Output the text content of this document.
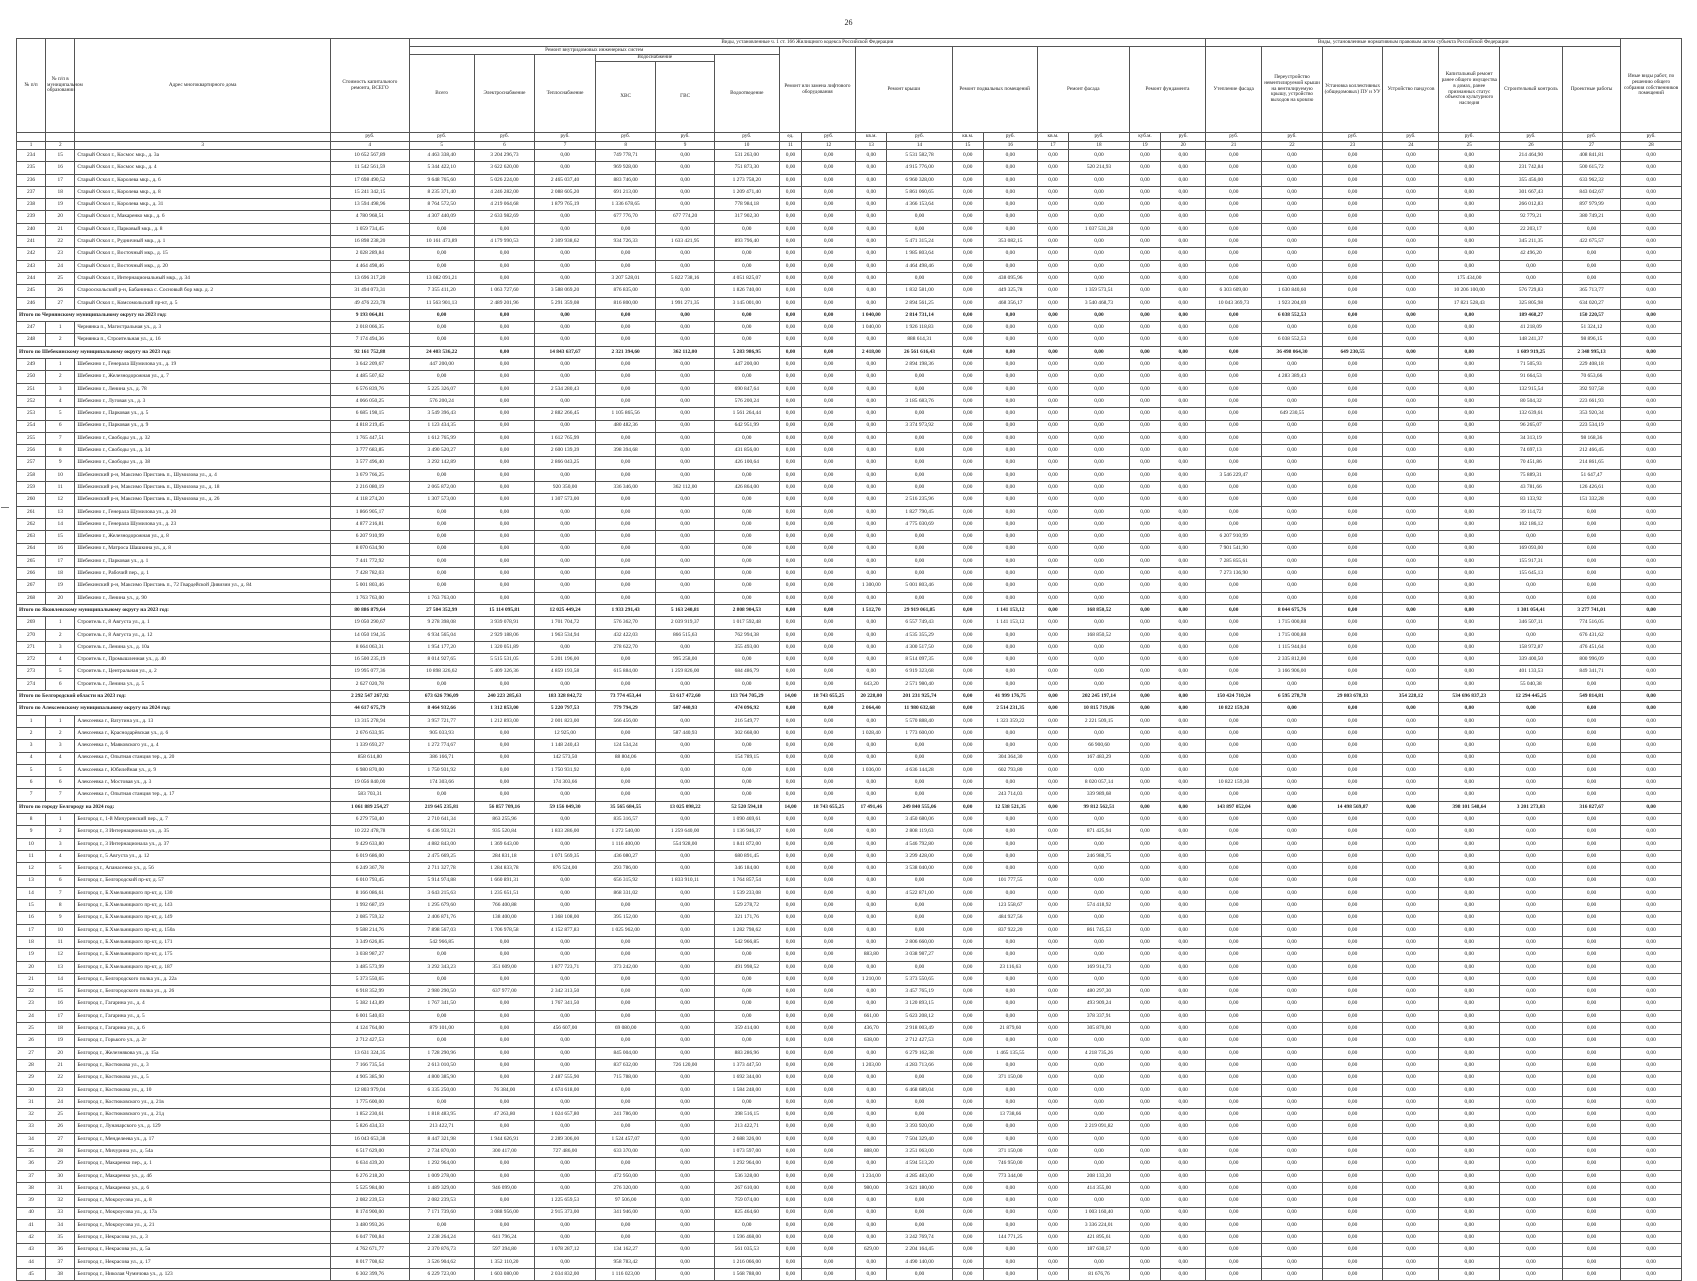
26
№ п/п	№ п/п в муниципальном образовании	Адрес многоквартирного дома	Стоимость капитального ремонта, ВСЕГО	Виды, установленные ч. 1 ст. 166 Жилищного кодекса Российской Федерации																Виды, установленные нормативным правовым актом субъекта Российской Федерации							Иные виды работ, по решению общего собрания собственников помещений
				Ремонт внутридомовых инженерных систем						Ремонт или замена лифтового оборудования		Ремонт крыши		Ремонт подвальных помещений		Ремонт фасада		Ремонт фундамента		Утепление фасада	Переустройство невентилируемой крыши на вентилируемую крышу, устройство выходов на кровлю	Установка коллективных (общедомовых) ПУ и УУ	Устройство пандусов	Капитальный ремонт ранее общего имущества в домах, ранее признанных статус объектов культурного наследия	Строительный контроль	Проектные работы	
				Всего	Электроснабжение	Теплоснабжение	Водоснабжение		Водоотведение																		
							ХВС	ГВС																			
			руб.	руб.	руб.	руб.	руб.	руб.	руб.	ед.	руб.	кв.м.	руб.	кв.м.	руб.	кв.м.	руб.	куб.м.	руб.	руб.	руб.	руб.	руб.	руб.	руб.	руб.	руб.
1	2	3	4	5	6	7	8	9	10	11	12	13	14	15	16	17	18	19	20	21	22	23	24	25	26	27	28
234	15	Старый Оскол г., Космос мкр., д. 3а	10 652 567,89	4 463 338,40	3 204 296,73	0,00	749 778,71	0,00	531 263,00	0,00	0,00	0,00	5 531 582,78	0,00	0,00	0,00	0,00	0,00	0,00	0,00	0,00	0,00	0,00	0,00	214 464,90	408 841,81	0,00
235	16	Старый Оскол г., Космос мкр., д. 4	11 542 561,59	5 344 422,10	3 622 620,00	0,00	969 928,00	0,00	751 873,30	0,00	0,00	0,00	4 915 776,00	0,00	0,00	0,00	520 214,93	0,00	0,00	0,00	0,00	0,00	0,00	0,00	231 742,84	500 615,72	0,00
236	17	Старый Оскол г., Королева мкр., д. 6	17 698 490,52	9 648 765,60	5 026 224,00	2 465 037,40	883 746,00	0,00	1 273 758,20	0,00	0,00	0,00	6 960 328,00	0,00	0,00	0,00	0,00	0,00	0,00	0,00	0,00	0,00	0,00	0,00	355 456,00	633 962,32	0,00
237	18	Старый Оскол г., Королева мкр., д. 8	15 241 342,15	8 235 371,40	4 246 282,00	2 088 605,20	691 213,00	0,00	1 209 471,40	0,00	0,00	0,00	5 861 060,65	0,00	0,00	0,00	0,00	0,00	0,00	0,00	0,00	0,00	0,00	0,00	301 667,43	843 042,67	0,00
238	19	Старый Оскол г., Королева мкр., д. 31	13 594 498,96	8 764 572,50	4 219 064,68	1 879 765,19	1 336 678,65	0,00	778 984,18	0,00	0,00	0,00	4 366 153,64	0,00	0,00	0,00	0,00	0,00	0,00	0,00	0,00	0,00	0,00	0,00	266 012,83	897 979,99	0,00
239	20	Старый Оскол г., Макаренко мкр., д. 6	4 780 968,51	4 307 440,09	2 633 982,69	0,00	677 776,70	677 774,20	317 902,30	0,00	0,00	0,00	0,00	0,00	0,00	0,00	0,00	0,00	0,00	0,00	0,00	0,00	0,00	0,00	92 779,21	380 749,21	0,00
240	21	Старый Оскол г., Парковый мкр., д. 8	1 059 734,45	0,00	0,00	0,00	0,00	0,00	0,00	0,00	0,00	0,00	0,00	0,00	0,00	0,00	1 037 531,28	0,00	0,00	0,00	0,00	0,00	0,00	0,00	22 203,17	0,00	0,00
241	22	Старый Оскол г., Рудничный мкр., д. 1	16 898 238,20	10 161 473,89	4 179 990,53	2 309 938,62	934 726,33	1 633 421,95	893 796,40	0,00	0,00	0,00	5 471 315,24	0,00	353 082,15	0,00	0,00	0,00	0,00	0,00	0,00	0,00	0,00	0,00	345 211,35	422 675,57	0,00
242	23	Старый Оскол г., Восточный мкр., д. 15	2 028 289,84	0,00	0,00	0,00	0,00	0,00	0,00	0,00	0,00	0,00	1 985 803,64	0,00	0,00	0,00	0,00	0,00	0,00	0,00	0,00	0,00	0,00	0,00	42 496,20	0,00	0,00
243	24	Старый Оскол г., Восточный мкр., д. 20	4 464 498,46	0,00	0,00	0,00	0,00	0,00	0,00	0,00	0,00	0,00	4 464 498,46	0,00	0,00	0,00	0,00	0,00	0,00	0,00	0,00	0,00	0,00	0,00	0,00	0,00	0,00
244	25	Старый Оскол г., Интернациональный мкр., д. 34	13 696 317,20	13 082 091,21	0,00	0,00	3 207 528,01	5 822 738,16	4 051 825,07	0,00	0,00	0,00	0,00	0,00	438 095,96	0,00	0,00	0,00	0,00	0,00	0,00	0,00	0,00	175 434,00	0,00	0,00	0,00
245	26	Старооскольский р-н, Бабанинка с. Сосновый бор мкр. д. 2	31 494 073,31	7 355 411,20	1 063 727,60	3 588 069,20	876 835,00	0,00	1 826 740,00	0,00	0,00	0,00	1 832 581,00	0,00	449 325,78	0,00	1 359 573,51	0,00	0,00	6 303 609,00	1 630 840,60	0,00	0,00	10 206 100,00	576 729,83	365 713,77	0,00
246	27	Старый Оскол г., Комсомольский пр-кт, д. 5	49 476 223,78	11 563 901,13	2 489 201,96	5 291 359,08	816 800,00	1 991 271,35	3 145 001,00	0,00	0,00	0,00	2 894 561,25	0,00	468 356,17	0,00	3 540 468,73	0,00	0,00	10 043 369,73	1 923 204,69	0,00	0,00	17 821 528,43	325 805,98	634 020,27	0,00
Итого по Чернянскому муниципальному округу на 2023 год:			9 193 064,81	0,00	0,00	0,00	0,00	0,00	0,00	0,00	0,00	1 040,00	2 814 731,14	0,00	0,00	0,00	0,00	0,00	0,00	0,00	6 038 552,53	0,00	0,00	0,00	189 468,27	150 220,57	0,00
247	1	Чернянка п., Магистральная ул., д. 3	2 018 066,35	0,00	0,00	0,00	0,00	0,00	0,00	0,00	0,00	1 040,00	1 926 118,83	0,00	0,00	0,00	0,00	0,00	0,00	0,00	0,00	0,00	0,00	0,00	41 218,09	51 324,12	0,00
248	2	Чернянка п., Строительная ул., д. 16	7 174 494,36	0,00	0,00	0,00	0,00	0,00	0,00	0,00	0,00	0,00	888 614,31	0,00	0,00	0,00	0,00	0,00	0,00	0,00	6 038 552,53	0,00	0,00	0,00	148 241,37	98 896,15	0,00
Итого по Шебекинскому муниципальному округу на 2023 год:			92 161 752,88	24 403 536,22	0,00	14 843 637,67	2 321 394,60	362 112,00	5 283 986,95	0,00	0,00	2 418,00	26 561 616,43	0,00	0,00	0,00	0,00	0,00	0,00	0,00	36 498 064,30	649 230,55	0,00	0,00	1 609 919,25	2 348 995,13	0,00
249	1	Шебекино г., Генерала Шумилова ул., д. 19	3 642 209,67	447 200,00	0,00	0,00	0,00	0,00	447 200,00	0,00	0,00	0,00	2 894 198,36	0,00	0,00	0,00	0,00	0,00	0,00	0,00	0,00	0,00	0,00	0,00	71 505,93	229 408,18	0,00
250	2	Шебекино г., Железнодорожная ул., д. 7	4 485 507,62	0,00	0,00	0,00	0,00	0,00	0,00	0,00	0,00	0,00	0,00	0,00	0,00	0,00	0,00	0,00	0,00	0,00	4 283 389,43	0,00	0,00	0,00	91 664,53	70 653,66	0,00
251	3	Шебекино г., Ленина ул., д. 78	6 576 839,76	5 225 326,07	0,00	2 534 280,43	0,00	0,00	690 847,64	0,00	0,00	0,00	0,00	0,00	0,00	0,00	0,00	0,00	0,00	0,00	0,00	0,00	0,00	0,00	132 915,54	392 937,58	0,00
252	4	Шебекино г., Луговая ул., д. 3	4 066 050,25	576 200,24	0,00	0,00	0,00	0,00	576 200,24	0,00	0,00	0,00	3 185 683,76	0,00	0,00	0,00	0,00	0,00	0,00	0,00	0,00	0,00	0,00	0,00	80 504,32	223 661,93	0,00
253	5	Шебекино г., Парковая ул., д. 5	6 685 198,15	3 549 396,43	0,00	2 882 266,45	1 105 865,56	0,00	1 561 264,44	0,00	0,00	0,00	0,00	0,00	0,00	0,00	0,00	0,00	0,00	0,00	649 230,55	0,00	0,00	0,00	132 639,61	353 920,34	0,00
254	6	Шебекино г., Парковая ул., д. 9	4 818 219,45	1 123 434,35	0,00	0,00	480 482,36	0,00	642 951,99	0,00	0,00	0,00	3 374 973,92	0,00	0,00	0,00	0,00	0,00	0,00	0,00	0,00	0,00	0,00	0,00	96 265,07	223 534,19	0,00
255	7	Шебекино г., Свободы ул., д. 32	1 765 447,51	1 612 765,99	0,00	1 612 765,99	0,00	0,00	0,00	0,00	0,00	0,00	0,00	0,00	0,00	0,00	0,00	0,00	0,00	0,00	0,00	0,00	0,00	0,00	34 313,19	98 168,36	0,00
256	8	Шебекино г., Свободы ул., д. 34	3 777 683,85	3 490 520,27	0,00	2 600 139,39	398 394,68	0,00	431 856,00	0,00	0,00	0,00	0,00	0,00	0,00	0,00	0,00	0,00	0,00	0,00	0,00	0,00	0,00	0,00	74 697,13	212 466,45	0,00
257	9	Шебекино г., Свободы ул., д. 38	3 577 496,40	3 292 142,89	0,00	2 866 043,25	0,00	0,00	426 100,64	0,00	0,00	0,00	0,00	0,00	0,00	0,00	0,00	0,00	0,00	0,00	0,00	0,00	0,00	0,00	70 451,86	214 861,65	0,00
258	10	Шебекинский р-н, Максимо Пристань п., Шумилова ул., д. 4	3 679 766,25	0,00	0,00	0,00	0,00	0,00	0,00	0,00	0,00	0,00	0,00	0,00	0,00	0,00	0,00	0,00	0,00	3 546 229,47	0,00	0,00	0,00	0,00	75 889,31	51 647,47	0,00
259	11	Шебекинский р-н, Максимо Пристань п., Шумилова ул., д. 18	2 216 080,19	2 065 872,00	0,00	920 350,00	336 346,00	362 112,00	426 864,00	0,00	0,00	0,00	0,00	0,00	0,00	0,00	0,00	0,00	0,00	0,00	0,00	0,00	0,00	0,00	43 781,66	126 426,61	0,00
260	12	Шебекинский р-н, Максимо Пристань п., Шумилова ул., д. 26	4 118 274,20	1 307 573,00	0,00	1 307 573,00	0,00	0,00	0,00	0,00	0,00	0,00	2 516 235,96	0,00	0,00	0,00	0,00	0,00	0,00	0,00	0,00	0,00	0,00	0,00	83 133,92	151 332,28	0,00
261	13	Шебекино г., Генерала Шумилова ул., д. 20	1 866 905,17	0,00	0,00	0,00	0,00	0,00	0,00	0,00	0,00	0,00	1 827 790,45	0,00	0,00	0,00	0,00	0,00	0,00	0,00	0,00	0,00	0,00	0,00	39 114,72	0,00	0,00
262	14	Шебекино г., Генерала Шумилова ул., д. 23	4 877 216,81	0,00	0,00	0,00	0,00	0,00	0,00	0,00	0,00	0,00	4 775 030,69	0,00	0,00	0,00	0,00	0,00	0,00	0,00	0,00	0,00	0,00	0,00	102 186,12	0,00	0,00
263	15	Шебекино г., Железнодорожная ул., д. 8	6 207 910,99	0,00	0,00	0,00	0,00	0,00	0,00	0,00	0,00	0,00	0,00	0,00	0,00	0,00	0,00	0,00	0,00	6 207 910,99	0,00	0,00	0,00	0,00	0,00	0,00	0,00
264	16	Шебекино г., Матроса Шашкина ул., д. 8	8 070 634,90	0,00	0,00	0,00	0,00	0,00	0,00	0,00	0,00	0,00	0,00	0,00	0,00	0,00	0,00	0,00	0,00	7 901 541,90	0,00	0,00	0,00	0,00	169 093,00	0,00	0,00
265	17	Шебекино г., Парковая ул., д. 1	7 441 772,92	0,00	0,00	0,00	0,00	0,00	0,00	0,00	0,00	0,00	0,00	0,00	0,00	0,00	0,00	0,00	0,00	7 285 855,61	0,00	0,00	0,00	0,00	155 917,31	0,00	0,00
266	18	Шебекино г., Рабочий пер., д. 1	7 428 782,03	0,00	0,00	0,00	0,00	0,00	0,00	0,00	0,00	0,00	0,00	0,00	0,00	0,00	0,00	0,00	0,00	7 273 136,90	0,00	0,00	0,00	0,00	155 645,13	0,00	0,00
267	19	Шебекинский р-н, Максимо Пристань п., 72 Гвардейской Дивизии ул., д. 84	5 001 803,46	0,00	0,00	0,00	0,00	0,00	0,00	0,00	0,00	1 300,00	5 001 803,46	0,00	0,00	0,00	0,00	0,00	0,00	0,00	0,00	0,00	0,00	0,00	0,00	0,00	0,00
268	20	Шебекино г., Ленина ул., д. 90	1 763 763,00	1 763 763,00	0,00	0,00	0,00	0,00	0,00	0,00	0,00	0,00	0,00	0,00	0,00	0,00	0,00	0,00	0,00	0,00	0,00	0,00	0,00	0,00	0,00	0,00	0,00
Итого по Яковлевскому муниципальному округу на 2023 год:			80 886 879,64	27 504 352,99	15 114 095,81	12 025 449,24	1 933 291,43	5 163 240,81	2 808 904,53	0,00	0,00	1 512,70	29 919 061,85	0,00	1 141 153,12	0,00	168 850,52	0,00	0,00	0,00	8 044 675,76	0,00	0,00	0,00	1 301 054,41	3 277 741,01	0,00
269	1	Строитель г., 8 Августа ул., д. 1	19 050 290,67	9 278 398,08	3 939 078,91	1 701 704,72	576 362,70	2 039 919,37	1 017 592,48	0,00	0,00	0,00	6 557 749,43	0,00	1 141 153,12	0,00	0,00	0,00	0,00	0,00	1 715 000,88	0,00	0,00	0,00	346 507,11	774 516,05	0,00
270	2	Строитель г., 8 Августа ул., д. 12	14 050 194,35	6 934 565,04	2 929 188,06	1 963 534,94	432 422,03	866 515,63	762 994,38	0,00	0,00	0,00	4 535 355,29	0,00	0,00	0,00	168 850,52	0,00	0,00	0,00	1 715 000,88	0,00	0,00	0,00	0,00	676 431,62	0,00
271	3	Строитель г., Ленина ул., д. 10а	8 664 063,31	1 954 177,20	1 320 051,89	0,00	278 622,70	0,00	355 493,00	0,00	0,00	0,00	4 300 517,50	0,00	0,00	0,00	0,00	0,00	0,00	0,00	1 115 944,04	0,00	0,00	0,00	158 972,87	476 451,64	0,00
272	4	Строитель г., Промышленная ул., д. 40	16 500 235,19	8 014 927,65	5 515 531,05	5 201 196,00	0,00	995 258,00	0,00	0,00	0,00	0,00	8 514 097,35	0,00	0,00	0,00	0,00	0,00	0,00	0,00	2 335 812,00	0,00	0,00	0,00	339 400,50	800 996,09	0,00
273	5	Строитель г., Центральная ул., д. 2	19 995 077,36	10 898 326,62	5 409 326,36	4 859 193,58	615 884,00	1 259 826,00	684 486,79	0,00	0,00	0,00	6 919 323,68	0,00	0,00	0,00	0,00	0,00	0,00	0,00	3 166 906,00	0,00	0,00	0,00	401 133,53	849 341,71	0,00
274	6	Строитель г., Ленина ул., д. 5	2 627 020,78	0,00	0,00	0,00	0,00	0,00	0,00	0,00	0,00	643,20	2 571 980,40	0,00	0,00	0,00	0,00	0,00	0,00	0,00	0,00	0,00	0,00	0,00	55 040,38	0,00	0,00
Итого по Белгородской области на 2023 год:			2 292 547 267,92	673 626 796,09	240 223 285,63	183 328 842,72	73 774 453,44	53 617 472,60	113 764 705,29	14,00	18 743 655,25	20 228,00	201 231 925,74	0,00	41 999 176,75	0,00	202 245 197,14	0,00	0,00	150 424 710,24	6 595 278,78	29 803 678,33	354 228,12	534 696 837,23	12 294 445,25	549 814,81	0,00
Итого по Алексеевскому муниципальному округу на 2024 год:			44 617 675,79	8 464 932,66	1 312 853,00	5 220 797,53	779 794,29	587 440,93	474 096,92	0,00	0,00	2 064,40	11 980 632,68	0,00	2 514 231,35	0,00	10 815 719,86	0,00	0,00	10 822 159,30	0,00	0,00	0,00	0,00	0,00	0,00	0,00
1	1	Алексеевка г., Ватутина ул., д. 13	13 315 278,94	3 957 721,77	1 212 893,00	2 001 823,00	566 456,00	0,00	216 549,77	0,00	0,00	0,00	5 570 888,40	0,00	1 323 359,22	0,00	2 221 509,15	0,00	0,00	0,00	0,00	0,00	0,00	0,00	0,00	0,00	0,00
2	2	Алексеевка г., Краснодарёвская ул., д. 6	2 676 633,95	905 033,93	0,00	12 925,00	0,00	587 440,93	302 668,00	0,00	0,00	1 028,40	1 773 600,00	0,00	0,00	0,00	0,00	0,00	0,00	0,00	0,00	0,00	0,00	0,00	0,00	0,00	0,00
3	3	Алексеевка г., Маяковского ул., д. 4	1 339 693,27	1 272 774,67	0,00	1 148 240,43	124 534,24	0,00	0,00	0,00	0,00	0,00	0,00	0,00	0,00	0,00	66 900,60	0,00	0,00	0,00	0,00	0,00	0,00	0,00	0,00	0,00	0,00
4	4	Алексеевка г., Опытная станция тер., д. 20	858 614,80	386 166,71	0,00	142 573,50	88 804,06	0,00	154 789,15	0,00	0,00	0,00	0,00	0,00	304 364,30	0,00	167 483,29	0,00	0,00	0,00	0,00	0,00	0,00	0,00	0,00	0,00	0,00
5	5	Алексеевка г., Юбилейная ул., д. 9	6 980 870,00	1 750 931,92	0,00	1 750 931,92	0,00	0,00	0,00	0,00	0,00	1 036,00	4 636 144,28	0,00	602 793,80	0,00	0,00	0,00	0,00	0,00	0,00	0,00	0,00	0,00	0,00	0,00	0,00
6	6	Алексеевка г., Мостовая ул., д. 3	19 056 840,00	174 303,66	0,00	174 303,66	0,00	0,00	0,00	0,00	0,00	0,00	0,00	0,00	0,00	0,00	8 020 057,14	0,00	0,00	10 822 159,30	0,00	0,00	0,00	0,00	0,00	0,00	0,00
7	7	Алексеевка г., Опытная станция тер., д. 17	583 703,31	0,00	0,00	0,00	0,00	0,00	0,00	0,00	0,00	0,00	0,00	0,00	243 714,03	0,00	339 989,68	0,00	0,00	0,00	0,00	0,00	0,00	0,00	0,00	0,00	0,00
Итого по городу Белгороду на 2024 год:			1 061 889 254,27	219 645 235,81	56 857 709,16	59 156 049,30	35 565 684,55	13 025 098,22	52 520 594,18	14,00	18 743 655,25	17 491,46	249 840 555,06	0,00	12 538 521,35	0,00	99 812 562,51	0,00	0,00	143 897 052,04	0,00	14 498 569,87	0,00	398 101 548,64	3 201 273,03	316 827,67	0,00
8	1	Белгород г., 1-й Мичуринский пер., д. 7	6 279 750,40	2 710 641,34	863 255,96	0,00	835 316,57	0,00	1 090 469,61	0,00	0,00	0,00	3 450 680,06	0,00	0,00	0,00	0,00	0,00	0,00	0,00	0,00	0,00	0,00	0,00	0,00	0,00	0,00
9	2	Белгород г., 3 Интернационала ул., д. 35	10 222 478,78	6 436 933,21	935 520,84	1 833 286,00	1 272 540,00	1 259 640,00	1 136 946,37	0,00	0,00	0,00	2 808 119,63	0,00	0,00	0,00	871 425,94	0,00	0,00	0,00	0,00	0,00	0,00	0,00	0,00	0,00	0,00
10	3	Белгород г., 3 Интернационала ул., д. 37	9 429 633,80	4 882 843,00	1 369 643,00	0,00	1 116 400,00	554 928,00	1 841 872,00	0,00	0,00	0,00	4 546 792,80	0,00	0,00	0,00	0,00	0,00	0,00	0,00	0,00	0,00	0,00	0,00	0,00	0,00	0,00
11	4	Белгород г., 5 Августа ул., д. 12	6 019 686,00	2 475 669,25	284 831,18	1 071 569,35	436 080,27	0,00	680 891,45	0,00	0,00	0,00	3 299 428,00	0,00	0,00	0,00	246 988,75	0,00	0,00	0,00	0,00	0,00	0,00	0,00	0,00	0,00	0,00
12	5	Белгород г., Апанасенко ул., д. 56	6 249 367,78	2 711 327,78	1 284 833,78	876 524,00	293 786,00	0,00	346 184,00	0,00	0,00	0,00	3 538 040,00	0,00	0,00	0,00	0,00	0,00	0,00	0,00	0,00	0,00	0,00	0,00	0,00	0,00	0,00
13	6	Белгород г., Белгородский пр-кт, д. 57	6 010 793,45	5 914 974,88	1 660 891,31	0,00	656 315,92	1 833 910,11	1 764 857,54	0,00	0,00	0,00	0,00	0,00	101 777,55	0,00	0,00	0,00	0,00	0,00	0,00	0,00	0,00	0,00	0,00	0,00	0,00
14	7	Белгород г., Б.Хмельницкого пр-кт, д. 130	8 166 086,61	3 643 215,63	1 235 651,51	0,00	868 331,02	0,00	1 539 233,08	0,00	0,00	0,00	4 522 871,00	0,00	0,00	0,00	0,00	0,00	0,00	0,00	0,00	0,00	0,00	0,00	0,00	0,00	0,00
15	8	Белгород г., Б.Хмельницкого пр-кт, д. 143	1 992 687,19	1 295 679,60	766 400,88	0,00	0,00	0,00	529 278,72	0,00	0,00	0,00	0,00	0,00	123 558,67	0,00	574 418,92	0,00	0,00	0,00	0,00	0,00	0,00	0,00	0,00	0,00	0,00
16	9	Белгород г., Б.Хмельницкого пр-кт, д. 149	2 085 759,32	2 406 871,76	138 400,00	1 368 108,00	395 152,00	0,00	321 171,76	0,00	0,00	0,00	0,00	0,00	484 927,56	0,00	0,00	0,00	0,00	0,00	0,00	0,00	0,00	0,00	0,00	0,00	0,00
17	10	Белгород г., Б.Хмельницкого пр-кт, д. 150а	9 588 214,76	7 898 567,03	1 706 978,58	4 152 877,83	1 025 962,00	0,00	1 282 798,62	0,00	0,00	0,00	0,00	0,00	837 922,20	0,00	861 745,53	0,00	0,00	0,00	0,00	0,00	0,00	0,00	0,00	0,00	0,00
18	11	Белгород г., Б.Хмельницкого пр-кт, д. 171	3 349 626,85	542 966,85	0,00	0,00	0,00	0,00	542 966,85	0,00	0,00	0,00	2 806 660,00	0,00	0,00	0,00	0,00	0,00	0,00	0,00	0,00	0,00	0,00	0,00	0,00	0,00	0,00
19	12	Белгород г., Б.Хмельницкого пр-кт, д. 175	3 038 987,27	0,00	0,00	0,00	0,00	0,00	0,00	0,00	0,00	883,80	3 038 987,27	0,00	0,00	0,00	0,00	0,00	0,00	0,00	0,00	0,00	0,00	0,00	0,00	0,00	0,00
20	13	Белгород г., Б.Хмельницкого пр-кт, д. 187	3 485 573,99	3 292 343,23	351 609,00	1 877 723,71	373 242,00	0,00	491 998,52	0,00	0,00	0,00	0,00	0,00	23 116,63	0,00	169 914,73	0,00	0,00	0,00	0,00	0,00	0,00	0,00	0,00	0,00	0,00
21	14	Белгород г., Белгородского полка ул., д. 22а	5 373 550,65	0,00	0,00	0,00	0,00	0,00	0,00	0,00	0,00	1 210,00	5 373 550,65	0,00	0,00	0,00	0,00	0,00	0,00	0,00	0,00	0,00	0,00	0,00	0,00	0,00	0,00
22	15	Белгород г., Белгородского полка ул., д. 26	6 918 352,99	2 980 290,50	637 977,00	2 342 313,50	0,00	0,00	0,00	0,00	0,00	0,00	3 457 765,19	0,00	0,00	0,00	480 297,30	0,00	0,00	0,00	0,00	0,00	0,00	0,00	0,00	0,00	0,00
23	16	Белгород г., Гагарина ул., д. 4	5 382 143,89	1 767 341,50	0,00	1 767 341,50	0,00	0,00	0,00	0,00	0,00	0,00	3 120 893,15	0,00	0,00	0,00	493 909,24	0,00	0,00	0,00	0,00	0,00	0,00	0,00	0,00	0,00	0,00
24	17	Белгород г., Гагарина ул., д. 5	6 001 540,03	0,00	0,00	0,00	0,00	0,00	0,00	0,00	0,00	661,00	5 623 208,12	0,00	0,00	0,00	378 337,91	0,00	0,00	0,00	0,00	0,00	0,00	0,00	0,00	0,00	0,00
25	18	Белгород г., Гагарина ул., д. 6	4 124 764,00	879 101,00	0,00	456 607,00	69 080,00	0,00	359 414,00	0,00	0,00	436,70	2 918 003,49	0,00	21 879,60	0,00	305 870,00	0,00	0,00	0,00	0,00	0,00	0,00	0,00	0,00	0,00	0,00
26	19	Белгород г., Горького ул., д. 2г	2 712 427,53	0,00	0,00	0,00	0,00	0,00	0,00	0,00	0,00	638,00	2 712 427,53	0,00	0,00	0,00	0,00	0,00	0,00	0,00	0,00	0,00	0,00	0,00	0,00	0,00	0,00
27	20	Белгород г., Железнякова ул., д. 15а	13 631 324,35	1 728 290,96	0,00	0,00	845 004,00	0,00	883 286,96	0,00	0,00	0,00	6 279 162,38	0,00	1 465 135,55	0,00	4 218 735,26	0,00	0,00	0,00	0,00	0,00	0,00	0,00	0,00	0,00	0,00
28	21	Белгород г., Костюкова ул., д. 3	7 166 735,54	2 613 010,50	0,00	0,00	837 632,00	726 120,00	1 373 447,50	0,00	0,00	1 203,00	4 283 713,66	0,00	0,00	0,00	0,00	0,00	0,00	0,00	0,00	0,00	0,00	0,00	0,00	0,00	0,00
29	22	Белгород г., Костюкова ул., д. 5	4 905 385,90	4 800 385,90	0,00	2 487 555,90	715 788,00	0,00	1 692 344,00	0,00	0,00	0,00	0,00	0,00	371 150,00	0,00	0,00	0,00	0,00	0,00	0,00	0,00	0,00	0,00	0,00	0,00	0,00
30	23	Белгород г., Костюкова ул., д. 10	12 803 979,04	6 335 250,00	76 384,00	4 674 618,00	0,00	0,00	1 584 248,00	0,00	0,00	0,00	6 468 689,04	0,00	0,00	0,00	0,00	0,00	0,00	0,00	0,00	0,00	0,00	0,00	0,00	0,00	0,00
31	24	Белгород г., Костюковского ул., д. 21в	1 775 600,00	0,00	0,00	0,00	0,00	0,00	0,00	0,00	0,00	0,00	0,00	0,00	0,00	0,00	0,00	0,00	0,00	0,00	0,00	0,00	0,00	0,00	0,00	0,00	0,00
32	25	Белгород г., Костюковского ул., д. 21д	1 852 230,61	1 818 483,95	47 263,80	1 024 657,80	241 786,00	0,00	398 516,15	0,00	0,00	0,00	0,00	0,00	13 738,66	0,00	0,00	0,00	0,00	0,00	0,00	0,00	0,00	0,00	0,00	0,00	0,00
33	26	Белгород г., Луначарского ул., д. 129	5 826 434,33	213 422,71	0,00	0,00	0,00	0,00	213 422,71	0,00	0,00	0,00	3 393 920,00	0,00	0,00	0,00	2 219 091,82	0,00	0,00	0,00	0,00	0,00	0,00	0,00	0,00	0,00	0,00
34	27	Белгород г., Менделеева ул., д. 17	16 043 653,38	8 447 321,98	1 944 626,91	2 289 306,00	1 524 457,07	0,00	2 688 326,00	0,00	0,00	0,00	7 504 329,40	0,00	0,00	0,00	0,00	0,00	0,00	0,00	0,00	0,00	0,00	0,00	0,00	0,00	0,00
35	28	Белгород г., Мичурина ул., д. 54а	6 517 629,00	2 734 870,00	300 417,00	727 486,00	633 370,00	0,00	1 073 597,00	0,00	0,00	888,00	3 251 063,00	0,00	371 150,00	0,00	0,00	0,00	0,00	0,00	0,00	0,00	0,00	0,00	0,00	0,00	0,00
36	29	Белгород г., Макаренко пер., д. 1	6 634 439,20	1 292 964,00	0,00	0,00	0,00	0,00	1 292 964,00	0,00	0,00	0,00	4 594 513,20	0,00	746 950,00	0,00	0,00	0,00	0,00	0,00	0,00	0,00	0,00	0,00	0,00	0,00	0,00
37	30	Белгород г., Макаренко ул., д. 4б	6 276 218,20	1 009 278,00	0,00	0,00	472 950,00	0,00	536 328,00	0,00	0,00	1 234,00	4 285 483,00	0,00	773 344,00	0,00	208 133,20	0,00	0,00	0,00	0,00	0,00	0,00	0,00	0,00	0,00	0,00
38	31	Белгород г., Макаренко ул., д. 6	5 525 984,00	1 489 329,00	946 099,00	0,00	276 320,00	0,00	267 610,00	0,00	0,00	980,00	3 621 180,00	0,00	0,00	0,00	414 355,00	0,00	0,00	0,00	0,00	0,00	0,00	0,00	0,00	0,00	0,00
39	32	Белгород г., Мокроусова ул., д. 8	2 082 239,53	2 082 239,53	0,00	1 225 659,53	97 506,00	0,00	759 074,00	0,00	0,00	0,00	0,00	0,00	0,00	0,00	0,00	0,00	0,00	0,00	0,00	0,00	0,00	0,00	0,00	0,00	0,00
40	33	Белгород г., Мокроусова ул., д. 17а	8 174 900,00	7 171 739,60	3 088 956,00	2 915 373,00	341 946,00	0,00	825 464,60	0,00	0,00	0,00	0,00	0,00	0,00	0,00	1 003 160,40	0,00	0,00	0,00	0,00	0,00	0,00	0,00	0,00	0,00	0,00
41	34	Белгород г., Мокроусова ул., д. 21	3 480 993,26	0,00	0,00	0,00	0,00	0,00	0,00	0,00	0,00	0,00	0,00	0,00	0,00	0,00	3 336 224,01	0,00	0,00	0,00	0,00	0,00	0,00	0,00	0,00	0,00	0,00
42	35	Белгород г., Некрасова ул., д. 3	6 047 700,84	2 238 264,24	641 796,24	0,00	0,00	0,00	1 596 468,00	0,00	0,00	0,00	3 242 769,74	0,00	144 771,25	0,00	421 895,61	0,00	0,00	0,00	0,00	0,00	0,00	0,00	0,00	0,00	0,00
43	36	Белгород г., Некрасова ул., д. 5а	4 762 671,77	2 370 876,73	597 394,80	1 078 287,12	134 162,27	0,00	561 035,53	0,00	0,00	629,00	2 204 164,45	0,00	0,00	0,00	187 630,57	0,00	0,00	0,00	0,00	0,00	0,00	0,00	0,00	0,00	0,00
44	37	Белгород г., Некрасова ул., д. 17	8 017 708,62	3 526 904,62	1 352 110,20	0,00	958 783,42	0,00	1 216 066,00	0,00	0,00	0,00	4 490 140,00	0,00	0,00	0,00	0,00	0,00	0,00	0,00	0,00	0,00	0,00	0,00	0,00	0,00	0,00
45	38	Белгород г., Николая Чумичова ул., д. 123	6 302 399,76	6 229 723,00	1 603 080,00	2 034 832,00	1 116 023,00	0,00	1 568 788,00	0,00	0,00	0,00	0,00	0,00	0,00	0,00	81 676,76	0,00	0,00	0,00	0,00	0,00	0,00	0,00	0,00	0,00	0,00
